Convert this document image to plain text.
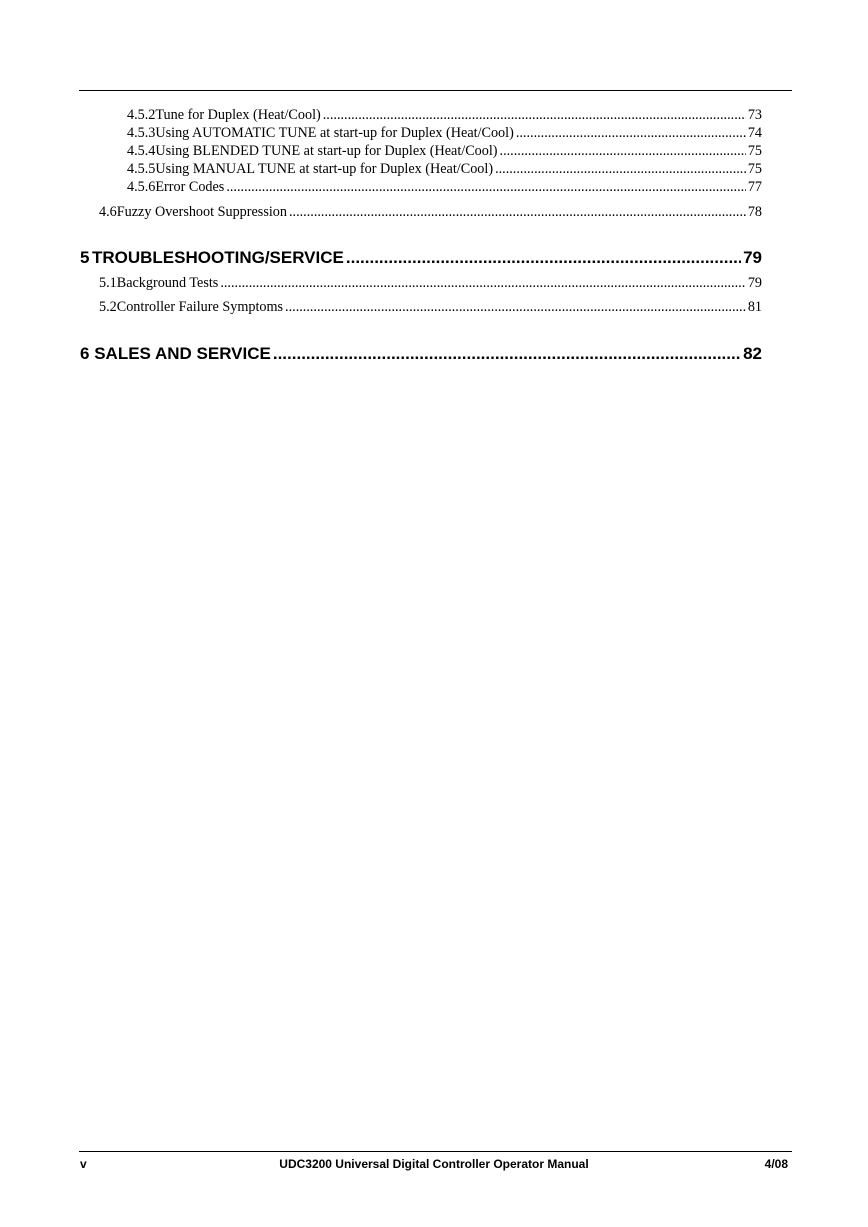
4.5.2 Tune for Duplex (Heat/Cool) .....	73
4.5.3 Using AUTOMATIC TUNE at start-up for Duplex (Heat/Cool) .....	74
4.5.4 Using BLENDED TUNE at start-up for Duplex (Heat/Cool) .....	75
4.5.5 Using MANUAL TUNE at start-up for Duplex (Heat/Cool) .....	75
4.5.6 Error Codes .....	77
4.6 Fuzzy Overshoot Suppression .....	78
5 TROUBLESHOOTING/SERVICE .....	79
5.1 Background Tests .....	79
5.2 Controller Failure Symptoms .....	81
6 SALES AND SERVICE .....	82
v	UDC3200 Universal Digital Controller Operator Manual	4/08
